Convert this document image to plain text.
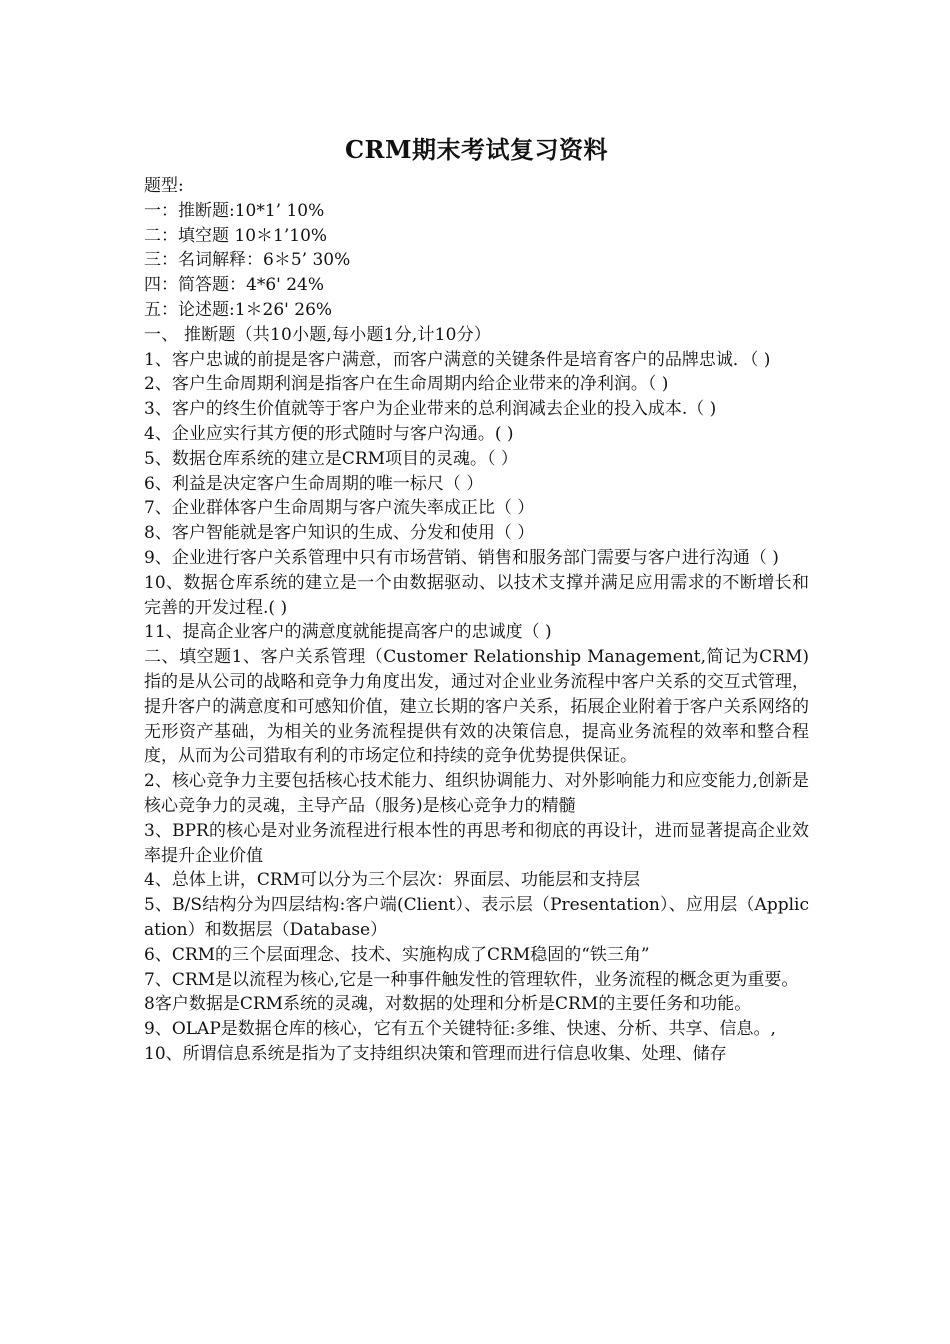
CRM期末考试复习资料

题型:

一：推断题:10*1’ 10%

二：填空题 10＊1’10%

三：名词解释：6＊5’ 30%

四：简答题：4*6' 24%

五：论述题:1＊26' 26%

一、 推断题（共10小题,每小题1分,计10分）

1、客户忠诚的前提是客户满意，而客户满意的关键条件是培育客户的品牌忠诚．（ )

2、客户生命周期利润是指客户在生命周期内给企业带来的净利润。（ )

3、客户的终生价值就等于客户为企业带来的总利润减去企业的投入成本.（ )

4、企业应实行其方便的形式随时与客户沟通。( )

5、数据仓库系统的建立是CRM项目的灵魂。（ ）

6、利益是决定客户生命周期的唯一标尺（ ）

7、企业群体客户生命周期与客户流失率成正比（ ）

8、客户智能就是客户知识的生成、分发和使用（ ）

9、企业进行客户关系管理中只有市场营销、销售和服务部门需要与客户进行沟通（ )

10、数据仓库系统的建立是一个由数据驱动、以技术支撑并满足应用需求的不断增长和完善的开发过程.( )

11、提高企业客户的满意度就能提高客户的忠诚度（ )

二、填空题1、客户关系管理（Customer Relationship Management,简记为CRM)指的是从公司的战略和竞争力角度出发，通过对企业业务流程中客户关系的交互式管理，提升客户的满意度和可感知价值，建立长期的客户关系，拓展企业附着于客户关系网络的无形资产基础，为相关的业务流程提供有效的决策信息，提高业务流程的效率和整合程度，从而为公司猎取有利的市场定位和持续的竞争优势提供保证。

2、核心竞争力主要包括核心技术能力、组织协调能力、对外影响能力和应变能力,创新是核心竞争力的灵魂，主导产品（服务)是核心竞争力的精髓

3、BPR的核心是对业务流程进行根本性的再思考和彻底的再设计，进而显著提高企业效率提升企业价值

4、总体上讲，CRM可以分为三个层次：界面层、功能层和支持层

5、B/S结构分为四层结构:客户端(Client）、表示层（Presentation）、应用层（Application）和数据层（Database）

6、CRM的三个层面理念、技术、实施构成了CRM稳固的“铁三角”

7、CRM是以流程为核心,它是一种事件触发性的管理软件，业务流程的概念更为重要。

8客户数据是CRM系统的灵魂，对数据的处理和分析是CRM的主要任务和功能。

9、OLAP是数据仓库的核心，它有五个关键特征:多维、快速、分析、共享、信息。,

10、所谓信息系统是指为了支持组织决策和管理而进行信息收集、处理、储存
